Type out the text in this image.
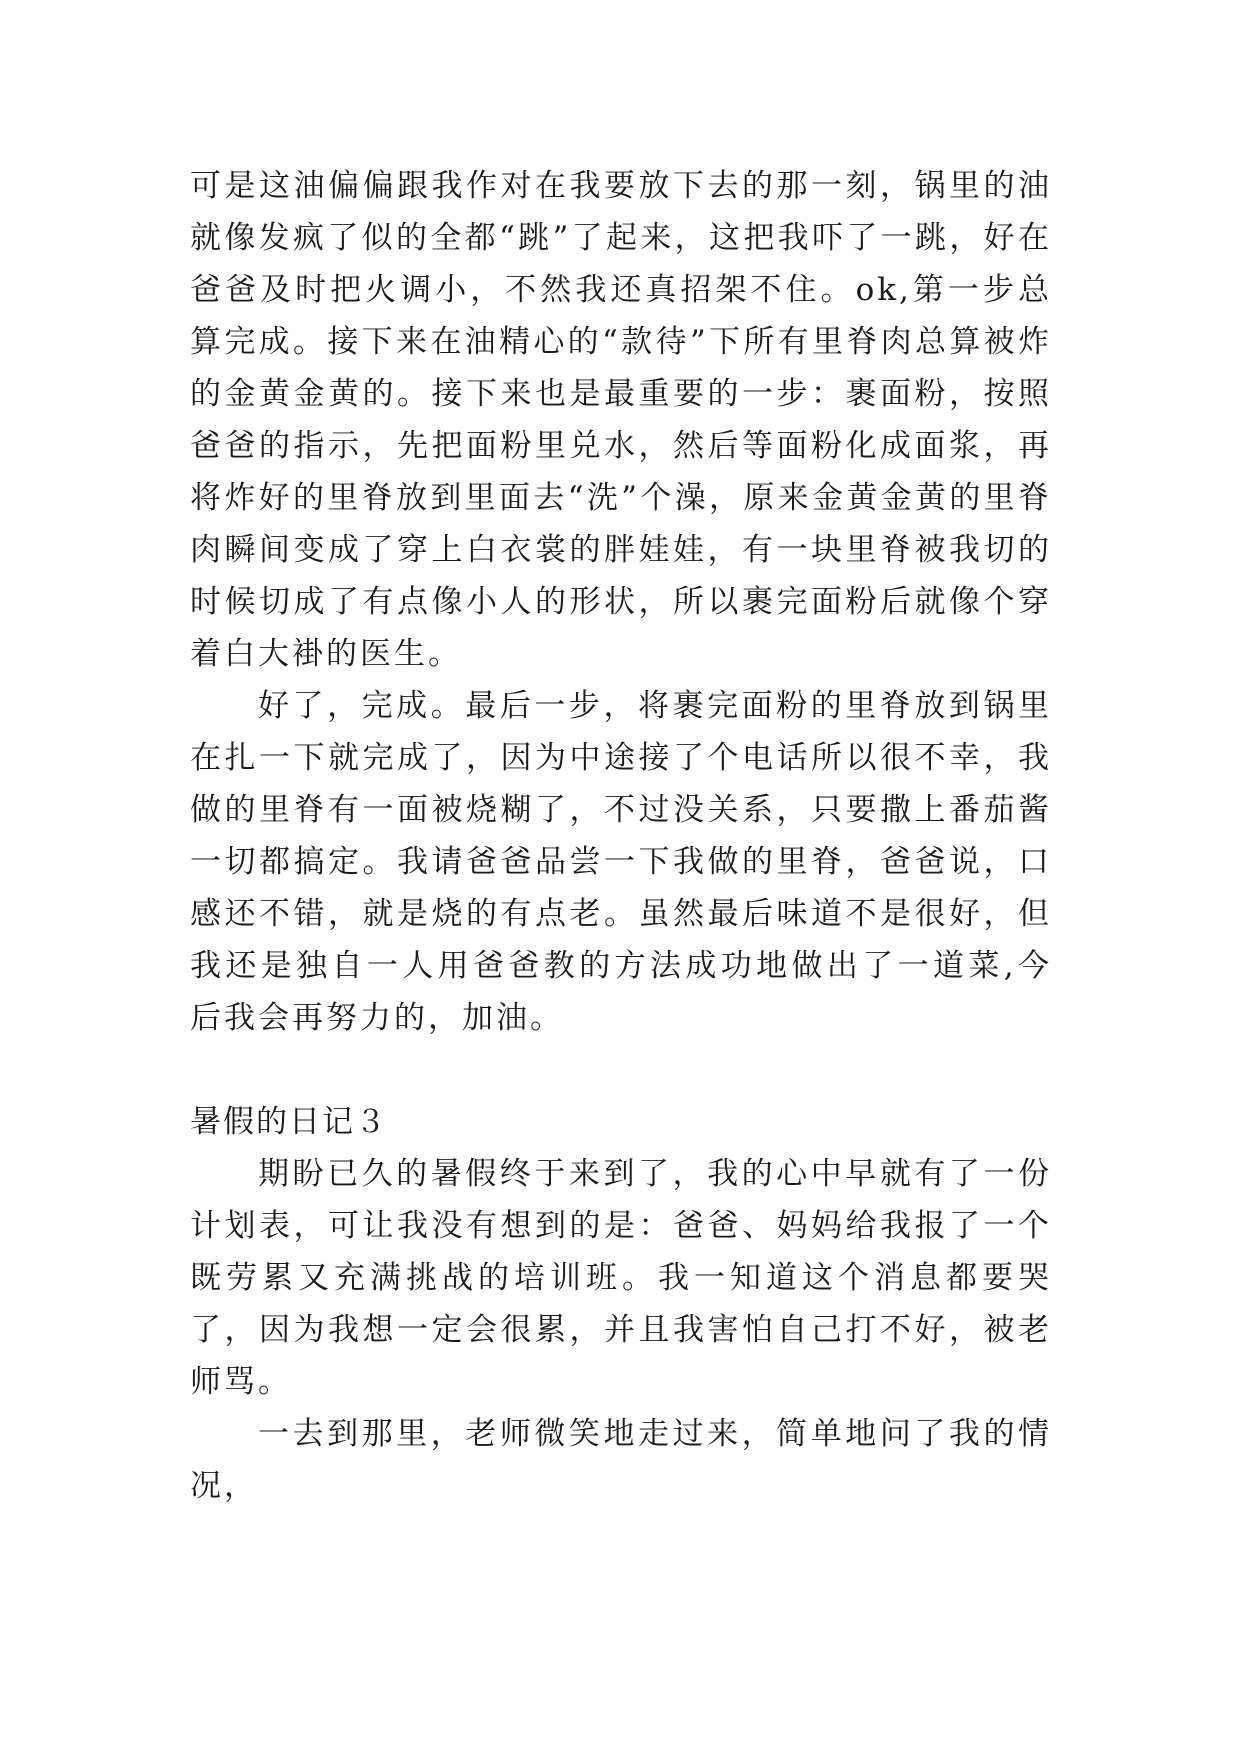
可是这油偏偏跟我作对在我要放下去的那一刻，锅里的油就像发疯了似的全都“跳”了起来，这把我吓了一跳，好在爸爸及时把火调小，不然我还真招架不住。ok,第一步总算完成。接下来在油精心的“款待”下所有里脊肉总算被炸的金黄金黄的。接下来也是最重要的一步：裹面粉，按照爸爸的指示，先把面粉里兑水，然后等面粉化成面浆，再将炸好的里脊放到里面去“洗”个澡，原来金黄金黄的里脊肉瞬间变成了穿上白衣裳的胖娃娃，有一块里脊被我切的时候切成了有点像小人的形状，所以裹完面粉后就像个穿着白大褂的医生。

好了，完成。最后一步，将裹完面粉的里脊放到锅里在扎一下就完成了，因为中途接了个电话所以很不幸，我做的里脊有一面被烧糊了，不过没关系，只要撒上番茄酱一切都搞定。我请爸爸品尝一下我做的里脊，爸爸说，口感还不错，就是烧的有点老。虽然最后味道不是很好，但我还是独自一人用爸爸教的方法成功地做出了一道菜,今后我会再努力的，加油。

暑假的日记３

期盼已久的暑假终于来到了，我的心中早就有了一份计划表，可让我没有想到的是：爸爸、妈妈给我报了一个既劳累又充满挑战的培训班。我一知道这个消息都要哭了，因为我想一定会很累，并且我害怕自己打不好，被老师骂。

一去到那里，老师微笑地走过来，简单地问了我的情况，
